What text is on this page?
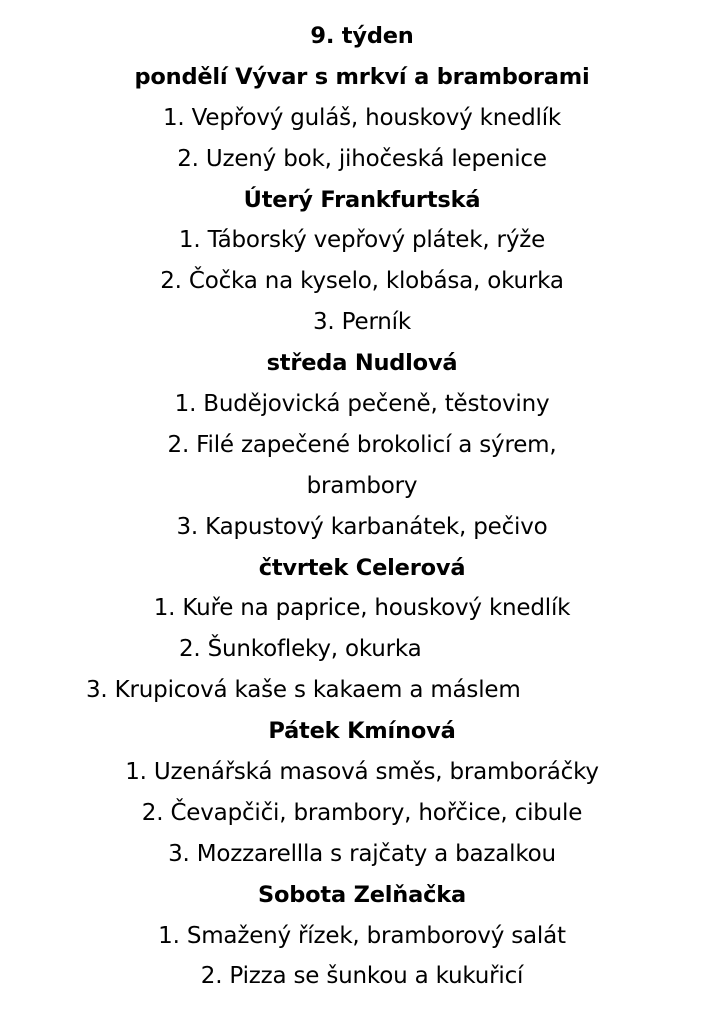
9. týden
pondělí Vývar s mrkví a bramborami
1. Vepřový guláš, houskový knedlík
2. Uzený bok, jihočeská lepenice
Úterý Frankfurtská
1. Táborský vepřový plátek, rýže
2. Čočka na kyselo, klobása, okurka
3. Perník
středa Nudlová
1. Budějovická pečeně, těstoviny
2. Filé zapečené brokolicí a sýrem,
brambory
3. Kapustový karbanátek, pečivo
čtvrtek Celerová
1. Kuře na paprice, houskový knedlík
2. Šunkofleky, okurka
3. Krupicová kaše s kakaem a máslem
Pátek Kmínová
1. Uzenářská masová směs, bramboráčky
2. Čevapčiči, brambory, hořčice, cibule
3. Mozzarellla s rajčaty a bazalkou
Sobota Zelňačka
1. Smažený řízek, bramborový salát
2. Pizza se šunkou a kukuřicí
